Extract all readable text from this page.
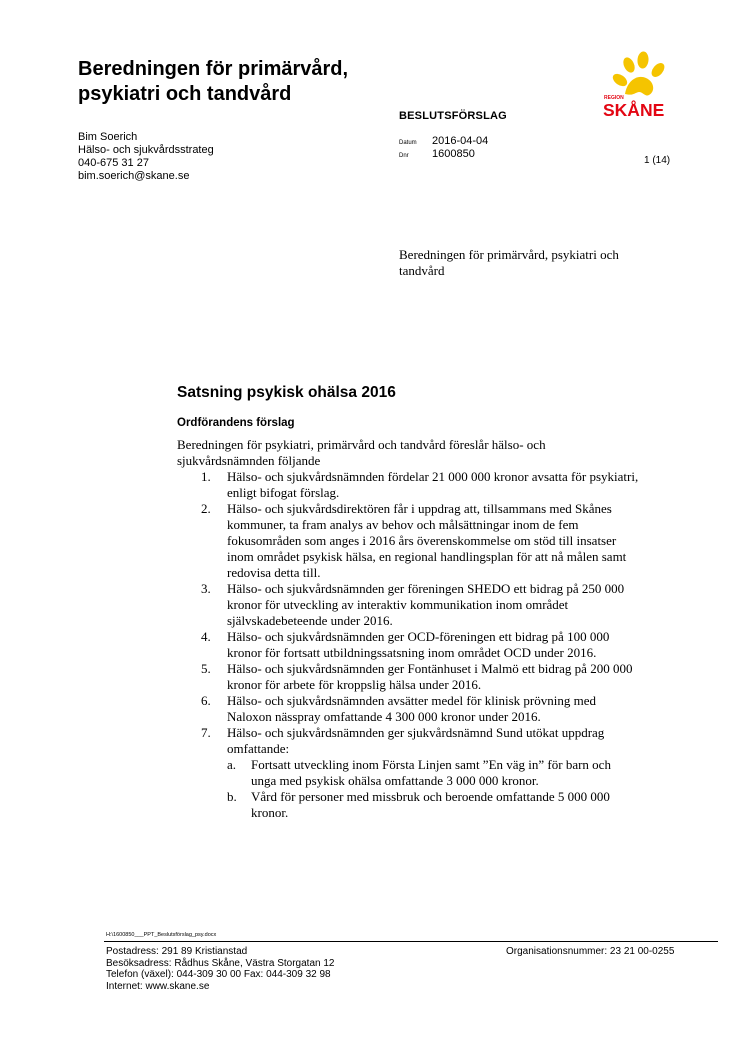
Beredningen för primärvård,
psykiatri och tandvård	REGION
SKÅNE
BESLUTSFÖRSLAG
Bim Soerich
Hälso- och sjukvårdsstrateg
040-675 31 27
bim.soerich@skane.se
Datum 2016-04-04
Dnr 1600850
1 (14)
Beredningen för primärvård, psykiatri och
tandvård
Satsning psykisk ohälsa 2016
Ordförandens förslag

Beredningen för psykiatri, primärvård och tandvård föreslår hälso- och sjukvårdsnämnden följande

1. Hälso- och sjukvårdsnämnden fördelar 21 000 000 kronor avsatta för psykiatri, enligt bifogat förslag.
2. Hälso- och sjukvårdsdirektören får i uppdrag att, tillsammans med Skånes kommuner, ta fram analys av behov och målsättningar inom de fem fokusområden som anges i 2016 års överenskommelse om stöd till insatser inom området psykisk hälsa, en regional handlingsplan för att nå målen samt redovisa detta till.
3. Hälso- och sjukvårdsnämnden ger föreningen SHEDO ett bidrag på 250 000 kronor för utveckling av interaktiv kommunikation inom området självskadebeteende under 2016.
4. Hälso- och sjukvårdsnämnden ger OCD-föreningen ett bidrag på 100 000 kronor för fortsatt utbildningssatsning inom området OCD under 2016.
5. Hälso- och sjukvårdsnämnden ger Fontänhuset i Malmö ett bidrag på 200 000 kronor för arbete för kroppslig hälsa under 2016.
6. Hälso- och sjukvårdsnämnden avsätter medel för klinisk prövning med Naloxon nässpray omfattande 4 300 000 kronor under 2016.
7. Hälso- och sjukvårdsnämnden ger sjukvårdsnämnd Sund utökat uppdrag omfattande:
a. Fortsatt utveckling inom Första Linjen samt ”En väg in” för barn och unga med psykisk ohälsa omfattande 3 000 000 kronor.
b. Vård för personer med missbruk och beroende omfattande 5 000 000 kronor.
H:\1600850___PPT_Beslutsförslag_psy.docx
Postadress: 291 89 Kristianstad
Besöksadress: Rådhus Skåne, Västra Storgatan 12
Telefon (växel): 044-309 30 00 Fax: 044-309 32 98
Internet: www.skane.se
Organisationsnummer: 23 21 00-0255
